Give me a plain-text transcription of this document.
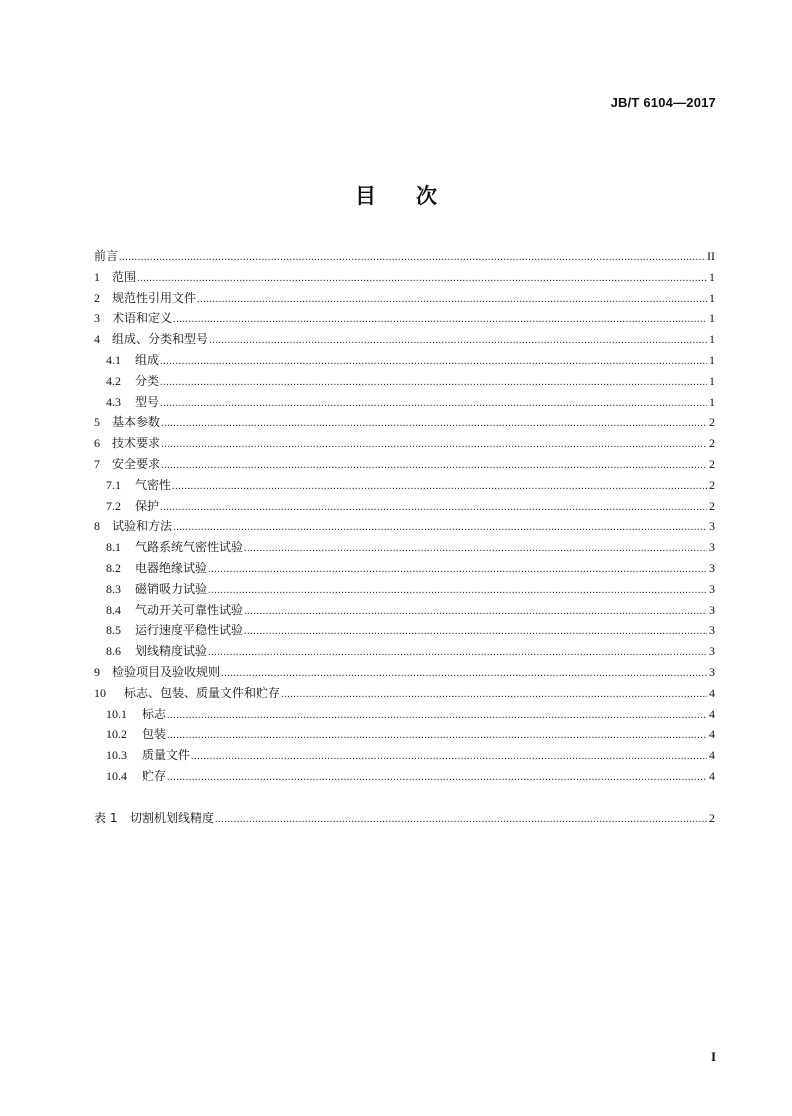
JB/T 6104—2017
目 次
前言 .....	II
1	范围 .....	1
2	规范性引用文件 .....	1
3	术语和定义 .....	1
4	组成、分类和型号 .....	1
4.1	组成 .....	1
4.2	分类 .....	1
4.3	型号 .....	1
5	基本参数 .....	2
6	技术要求 .....	2
7	安全要求 .....	2
7.1	气密性 .....	2
7.2	保护 .....	2
8	试验和方法 .....	3
8.1	气路系统气密性试验 .....	3
8.2	电器绝缘试验 .....	3
8.3	磁销吸力试验 .....	3
8.4	气动开关可靠性试验 .....	3
8.5	运行速度平稳性试验 .....	3
8.6	划线精度试验 .....	3
9	检验项目及验收规则 .....	3
10	标志、包装、质量文件和贮存 .....	4
10.1	标志 .....	4
10.2	包装 .....	4
10.3	质量文件 .....	4
10.4	贮存 .....	4
表 1	切割机划线精度 .....	2
I
